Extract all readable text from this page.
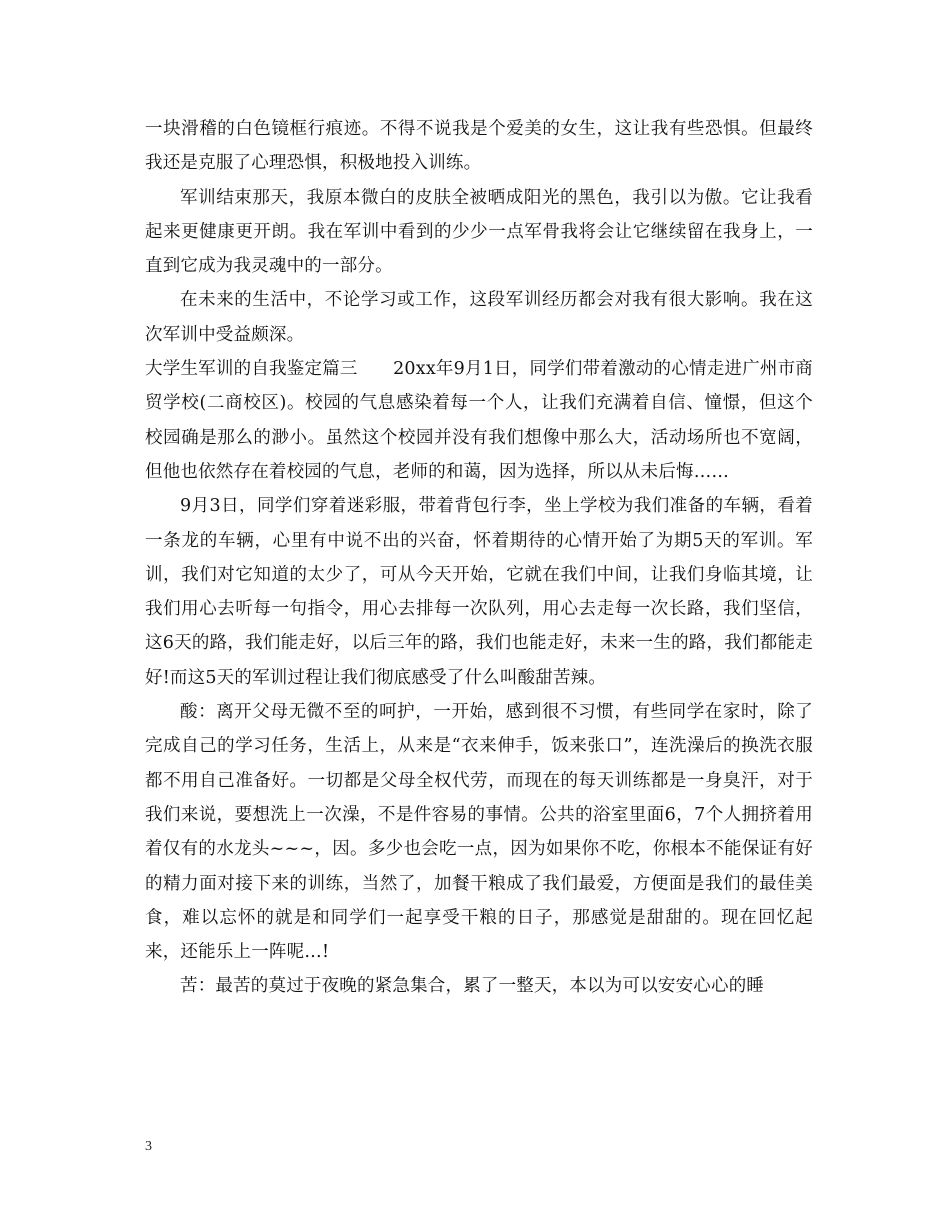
一块滑稽的白色镜框行痕迹。不得不说我是个爱美的女生，这让我有些恐惧。但最终我还是克服了心理恐惧，积极地投入训练。

军训结束那天，我原本微白的皮肤全被晒成阳光的黑色，我引以为傲。它让我看起来更健康更开朗。我在军训中看到的少少一点军骨我将会让它继续留在我身上，一直到它成为我灵魂中的一部分。

在未来的生活中，不论学习或工作，这段军训经历都会对我有很大影响。我在这次军训中受益颇深。

大学生军训的自我鉴定篇三　　20xx年9月1日，同学们带着激动的心情走进广州市商贸学校(二商校区)。校园的气息感染着每一个人，让我们充满着自信、憧憬，但这个校园确是那么的渺小。虽然这个校园并没有我们想像中那么大，活动场所也不宽阔，但他也依然存在着校园的气息，老师的和蔼，因为选择，所以从未后悔……

9月3日，同学们穿着迷彩服，带着背包行李，坐上学校为我们准备的车辆，看着一条龙的车辆，心里有中说不出的兴奋，怀着期待的心情开始了为期5天的军训。军训，我们对它知道的太少了，可从今天开始，它就在我们中间，让我们身临其境，让我们用心去听每一句指令，用心去排每一次队列，用心去走每一次长路，我们坚信，这6天的路，我们能走好，以后三年的路，我们也能走好，未来一生的路，我们都能走好!而这5天的军训过程让我们彻底感受了什么叫酸甜苦辣。

酸：离开父母无微不至的呵护，一开始，感到很不习惯，有些同学在家时，除了完成自己的学习任务，生活上，从来是“衣来伸手，饭来张口”，连洗澡后的换洗衣服都不用自己准备好。一切都是父母全权代劳，而现在的每天训练都是一身臭汗，对于我们来说，要想洗上一次澡，不是件容易的事情。公共的浴室里面6，7个人拥挤着用着仅有的水龙头~~~，因。多少也会吃一点，因为如果你不吃，你根本不能保证有好的精力面对接下来的训练，当然了，加餐干粮成了我们最爱，方便面是我们的最佳美食，难以忘怀的就是和同学们一起享受干粮的日子，那感觉是甜甜的。现在回忆起来，还能乐上一阵呢…!

苦：最苦的莫过于夜晚的紧急集合，累了一整天，本以为可以安安心心的睡

3
